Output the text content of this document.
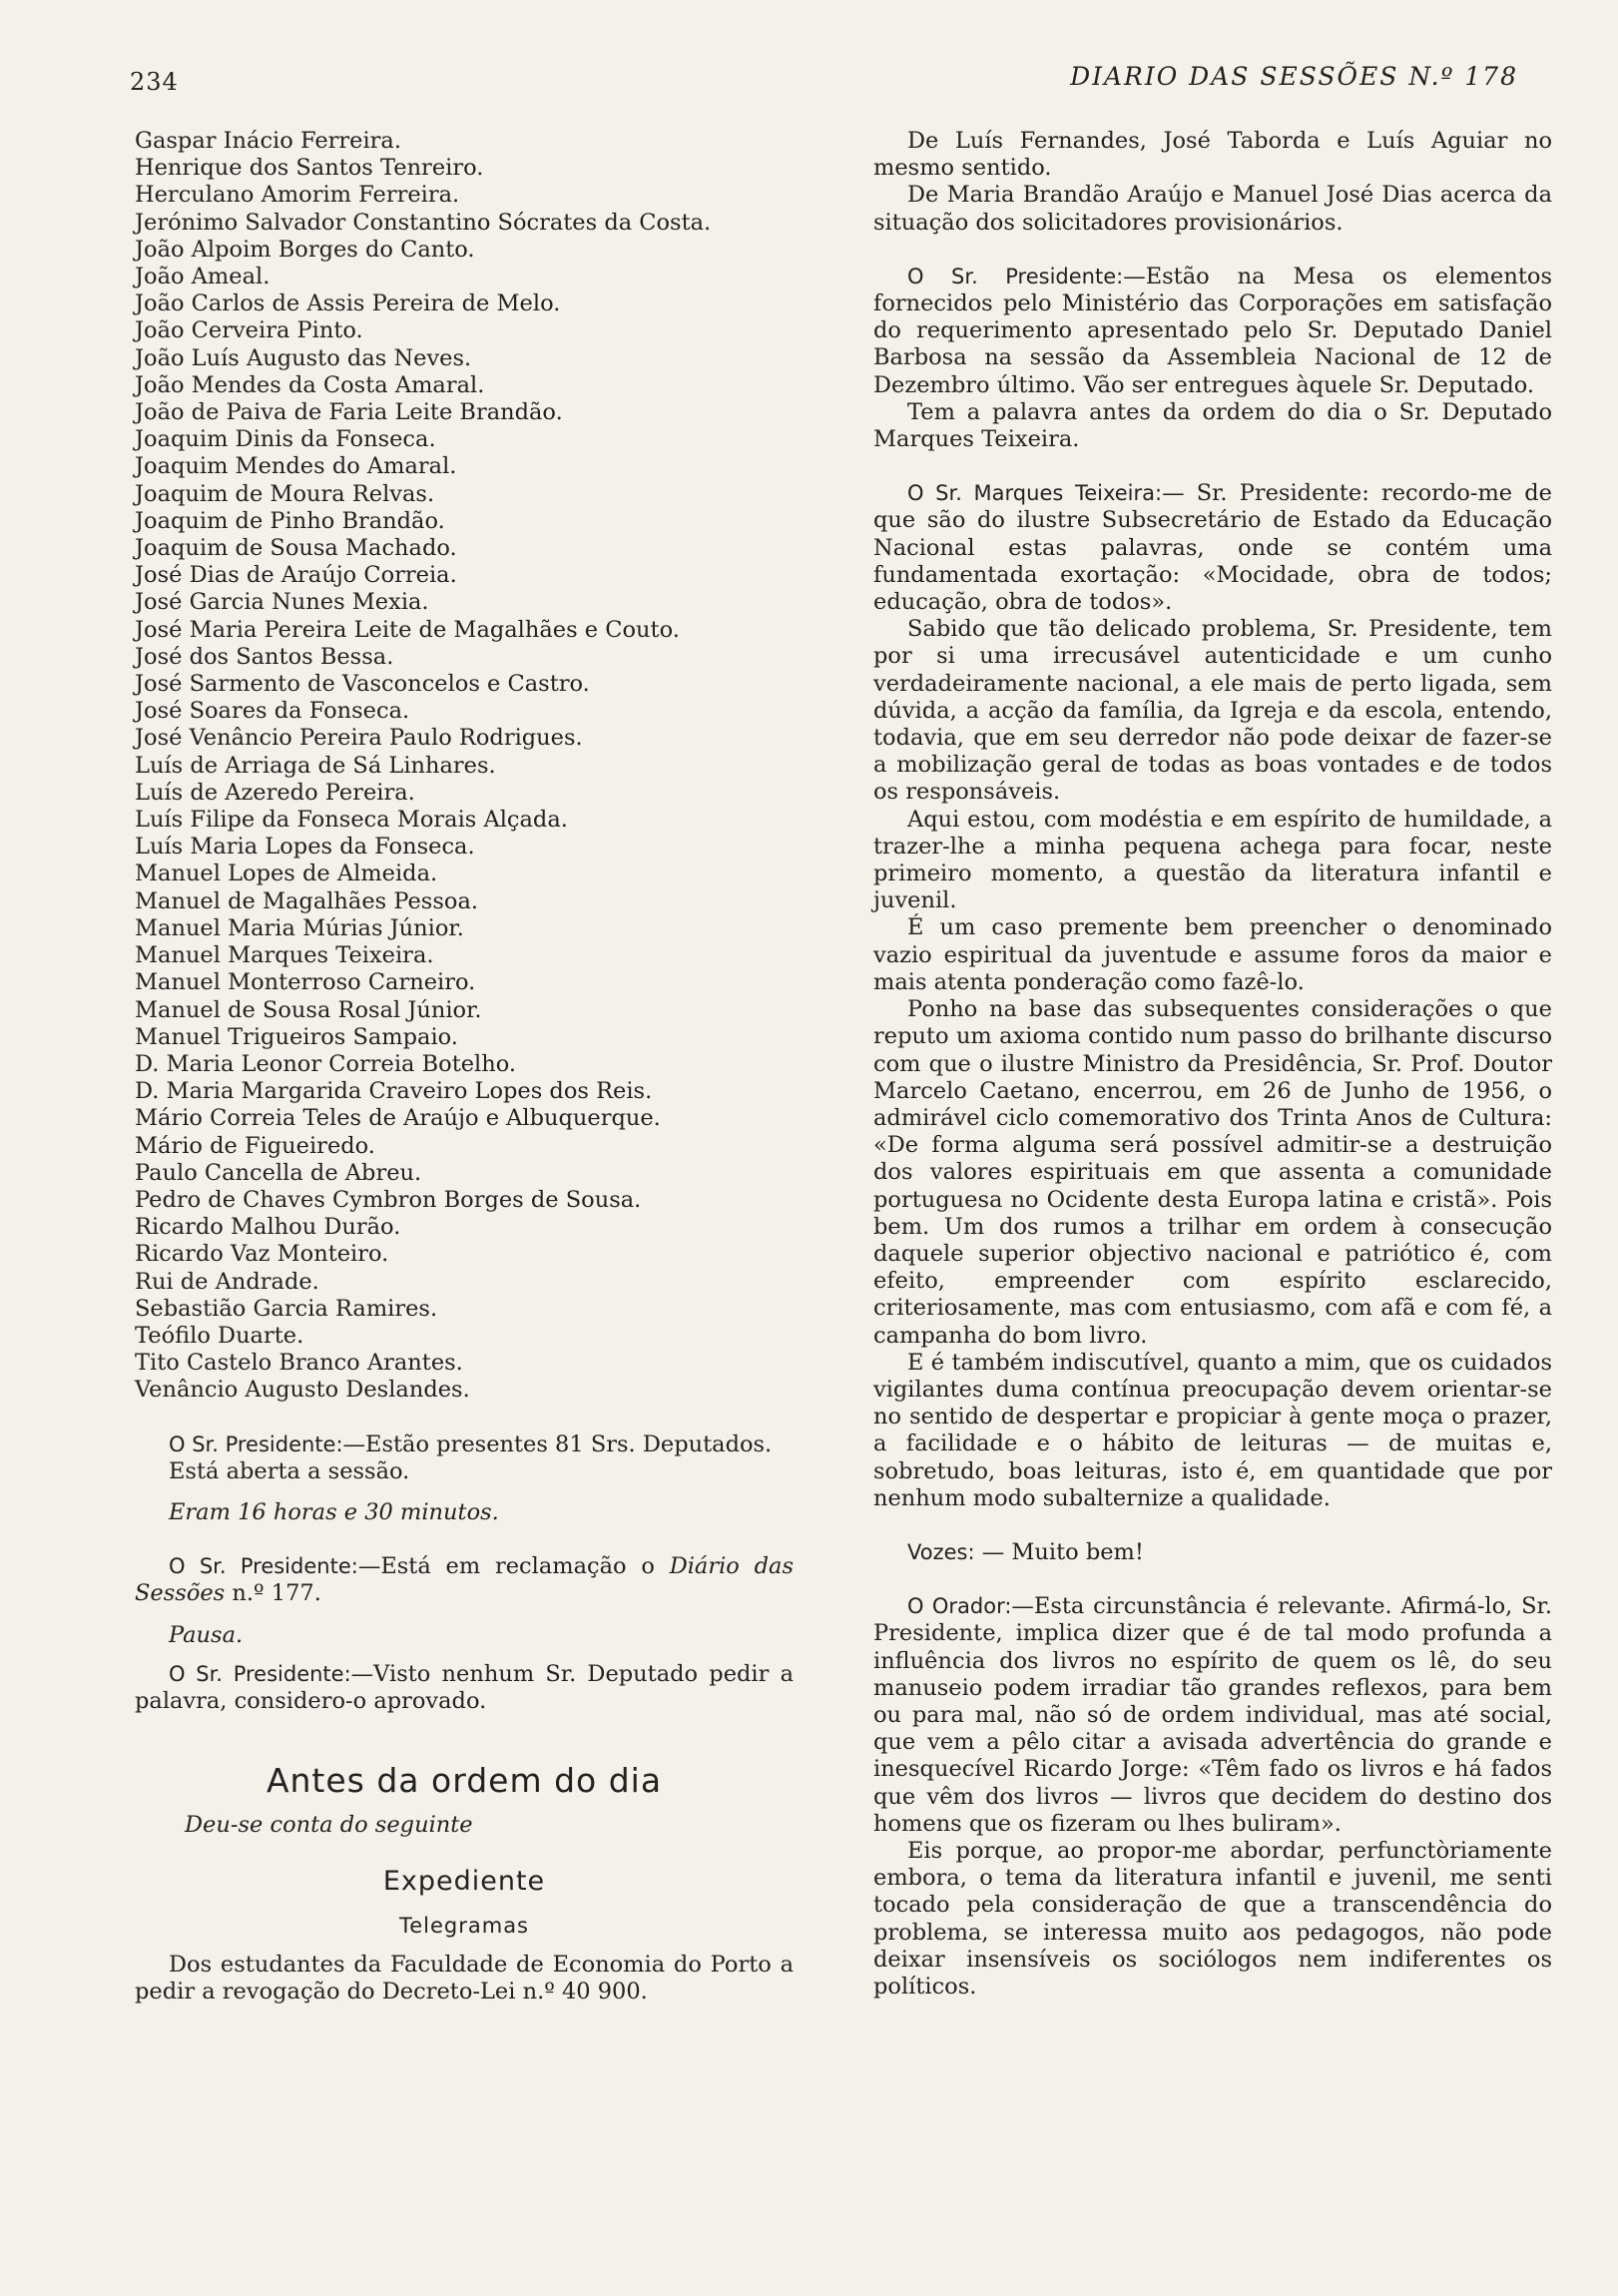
234	DIARIO DAS SESSÕES N.º 178
Gaspar Inácio Ferreira.
Henrique dos Santos Tenreiro.
Herculano Amorim Ferreira.
Jerónimo Salvador Constantino Sócrates da Costa.
João Alpoim Borges do Canto.
João Ameal.
João Carlos de Assis Pereira de Melo.
João Cerveira Pinto.
João Luís Augusto das Neves.
João Mendes da Costa Amaral.
João de Paiva de Faria Leite Brandão.
Joaquim Dinis da Fonseca.
Joaquim Mendes do Amaral.
Joaquim de Moura Relvas.
Joaquim de Pinho Brandão.
Joaquim de Sousa Machado.
José Dias de Araújo Correia.
José Garcia Nunes Mexia.
José Maria Pereira Leite de Magalhães e Couto.
José dos Santos Bessa.
José Sarmento de Vasconcelos e Castro.
José Soares da Fonseca.
José Venâncio Pereira Paulo Rodrigues.
Luís de Arriaga de Sá Linhares.
Luís de Azeredo Pereira.
Luís Filipe da Fonseca Morais Alçada.
Luís Maria Lopes da Fonseca.
Manuel Lopes de Almeida.
Manuel de Magalhães Pessoa.
Manuel Maria Múrias Júnior.
Manuel Marques Teixeira.
Manuel Monterroso Carneiro.
Manuel de Sousa Rosal Júnior.
Manuel Trigueiros Sampaio.
D. Maria Leonor Correia Botelho.
D. Maria Margarida Craveiro Lopes dos Reis.
Mário Correia Teles de Araújo e Albuquerque.
Mário de Figueiredo.
Paulo Cancella de Abreu.
Pedro de Chaves Cymbron Borges de Sousa.
Ricardo Malhou Durão.
Ricardo Vaz Monteiro.
Rui de Andrade.
Sebastião Garcia Ramires.
Teófilo Duarte.
Tito Castelo Branco Arantes.
Venâncio Augusto Deslandes.

O Sr. Presidente:—Estão presentes 81 Srs. Deputados.

Está aberta a sessão.

Eram 16 horas e 30 minutos.

O Sr. Presidente:—Está em reclamação o Diário das Sessões n.º 177.

Pausa.

O Sr. Presidente:—Visto nenhum Sr. Deputado pedir a palavra, considero-o aprovado.

Antes da ordem do dia

Deu-se conta do seguinte

Expediente
Telegramas

Dos estudantes da Faculdade de Economia do Porto a pedir a revogação do Decreto-Lei n.º 40 900.

De Luís Fernandes, José Taborda e Luís Aguiar no mesmo sentido.

De Maria Brandão Araújo e Manuel José Dias acerca da situação dos solicitadores provisionários.

O Sr. Presidente:—Estão na Mesa os elementos fornecidos pelo Ministério das Corporações em satisfação do requerimento apresentado pelo Sr. Deputado Daniel Barbosa na sessão da Assembleia Nacional de 12 de Dezembro último. Vão ser entregues àquele Sr. Deputado.

Tem a palavra antes da ordem do dia o Sr. Deputado Marques Teixeira.

O Sr. Marques Teixeira:— Sr. Presidente: recordo-me de que são do ilustre Subsecretário de Estado da Educação Nacional estas palavras, onde se contém uma fundamentada exortação: «Mocidade, obra de todos; educação, obra de todos».

Sabido que tão delicado problema, Sr. Presidente, tem por si uma irrecusável autenticidade e um cunho verdadeiramente nacional, a ele mais de perto ligada, sem dúvida, a acção da família, da Igreja e da escola, entendo, todavia, que em seu derredor não pode deixar de fazer-se a mobilização geral de todas as boas vontades e de todos os responsáveis.

Aqui estou, com modéstia e em espírito de humildade, a trazer-lhe a minha pequena achega para focar, neste primeiro momento, a questão da literatura infantil e juvenil.

É um caso premente bem preencher o denominado vazio espiritual da juventude e assume foros da maior e mais atenta ponderação como fazê-lo.

Ponho na base das subsequentes considerações o que reputo um axioma contido num passo do brilhante discurso com que o ilustre Ministro da Presidência, Sr. Prof. Doutor Marcelo Caetano, encerrou, em 26 de Junho de 1956, o admirável ciclo comemorativo dos Trinta Anos de Cultura: «De forma alguma será possível admitir-se a destruição dos valores espirituais em que assenta a comunidade portuguesa no Ocidente desta Europa latina e cristã». Pois bem. Um dos rumos a trilhar em ordem à consecução daquele superior objectivo nacional e patriótico é, com efeito, empreender com espírito esclarecido, criteriosamente, mas com entusiasmo, com afã e com fé, a campanha do bom livro.

E é também indiscutível, quanto a mim, que os cuidados vigilantes duma contínua preocupação devem orientar-se no sentido de despertar e propiciar à gente moça o prazer, a facilidade e o hábito de leituras — de muitas e, sobretudo, boas leituras, isto é, em quantidade que por nenhum modo subalternize a qualidade.

Vozes: — Muito bem!

O Orador:—Esta circunstância é relevante. Afirmá-lo, Sr. Presidente, implica dizer que é de tal modo profunda a influência dos livros no espírito de quem os lê, do seu manuseio podem irradiar tão grandes reflexos, para bem ou para mal, não só de ordem individual, mas até social, que vem a pêlo citar a avisada advertência do grande e inesquecível Ricardo Jorge: «Têm fado os livros e há fados que vêm dos livros — livros que decidem do destino dos homens que os fizeram ou lhes buliram».

Eis porque, ao propor-me abordar, perfunctòriamente embora, o tema da literatura infantil e juvenil, me senti tocado pela consideração de que a transcendência do problema, se interessa muito aos pedagogos, não pode deixar insensíveis os sociólogos nem indiferentes os políticos.
